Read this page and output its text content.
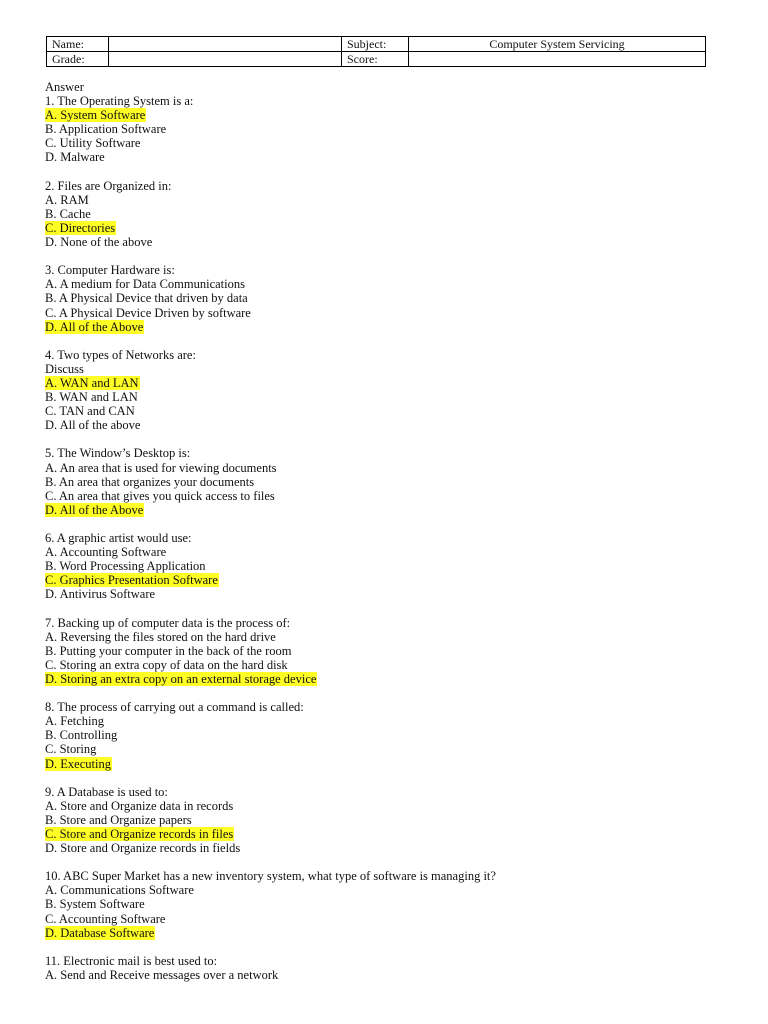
Name:		Subject:	Computer System Servicing
Grade:		Score:	
Answer
1. The Operating System is a:
A. System Software
B. Application Software
C. Utility Software
D. Malware
2. Files are Organized in:
A. RAM
B. Cache
C. Directories
D. None of the above
3. Computer Hardware is:
A. A medium for Data Communications
B. A Physical Device that driven by data
C. A Physical Device Driven by software
D. All of the Above
4. Two types of Networks are:
Discuss
A. WAN and LAN
B. WAN and LAN
C. TAN and CAN
D. All of the above
5. The Window’s Desktop is:
A. An area that is used for viewing documents
B. An area that organizes your documents
C. An area that gives you quick access to files
D. All of the Above
6. A graphic artist would use:
A. Accounting Software
B. Word Processing Application
C. Graphics Presentation Software
D. Antivirus Software
7. Backing up of computer data is the process of:
A. Reversing the files stored on the hard drive
B. Putting your computer in the back of the room
C. Storing an extra copy of data on the hard disk
D. Storing an extra copy on an external storage device
8. The process of carrying out a command is called:
A. Fetching
B. Controlling
C. Storing
D. Executing
9. A Database is used to:
A. Store and Organize data in records
B. Store and Organize papers
C. Store and Organize records in files
D. Store and Organize records in fields
10. ABC Super Market has a new inventory system, what type of software is managing it?
A. Communications Software
B. System Software
C. Accounting Software
D. Database Software
11. Electronic mail is best used to:
A. Send and Receive messages over a network
